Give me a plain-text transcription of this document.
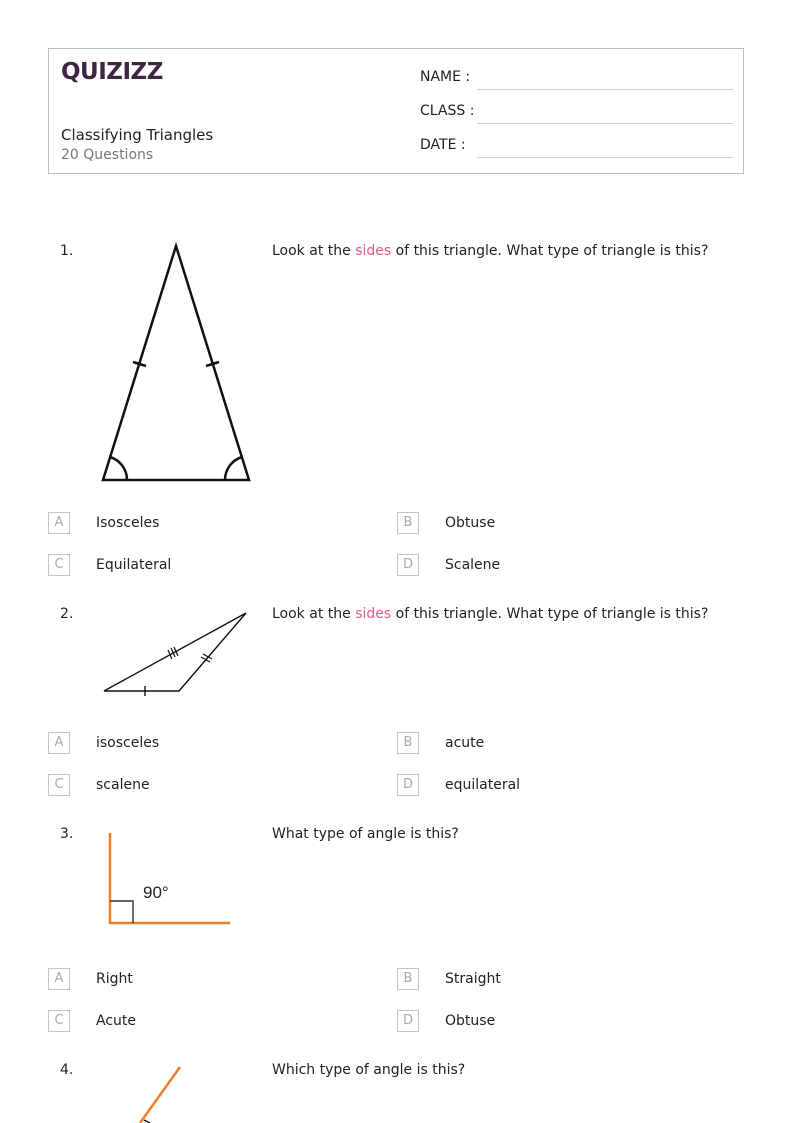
QUIZIZZ
Classifying Triangles
20 Questions
NAME :
CLASS :
DATE :
1.	Look at the sides of this triangle. What type of triangle is this?
A	Isosceles	B	Obtuse
C	Equilateral	D	Scalene
2.	Look at the sides of this triangle. What type of triangle is this?
A	isosceles	B	acute
C	scalene	D	equilateral
3.	What type of angle is this?
90°
A	Right	B	Straight
C	Acute	D	Obtuse
4.	Which type of angle is this?
